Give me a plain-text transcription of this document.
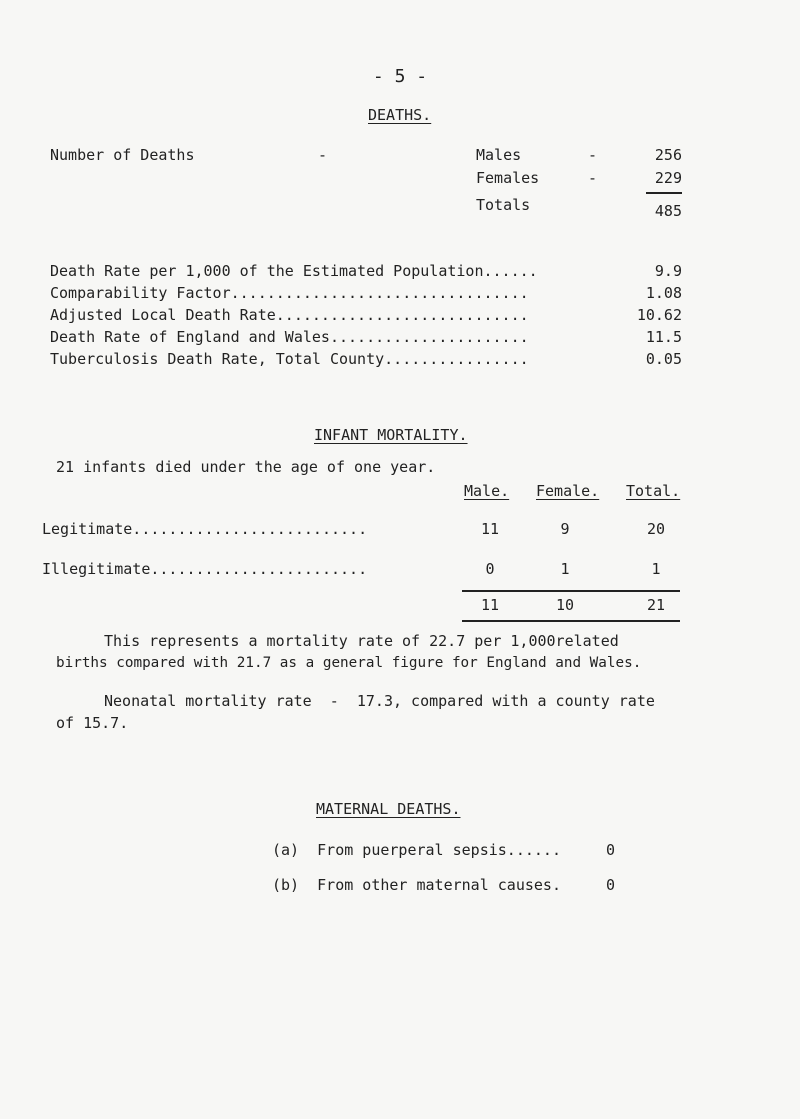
- 5 -
DEATHS.
Number of Deaths	-	Males	-	256
Females	-	229
Totals	485
Death Rate per 1,000 of the Estimated Population......	9.9
Comparability Factor.................................	1.08
Adjusted Local Death Rate............................	10.62
Death Rate of England and Wales......................	11.5
Tuberculosis Death Rate, Total County................	0.05
INFANT MORTALITY.
21 infants died under the age of one year.
Male. Female. Total.
Legitimate..........................	11	9	20
Illegitimate........................	0	1	1
11	10	21
This represents a mortality rate of 22.7 per 1,000related
births compared with 21.7 as a general figure for England and Wales.
Neonatal mortality rate  -  17.3, compared with a county rate
of 15.7.
MATERNAL DEATHS.
(a)  From puerperal sepsis......	0
(b)  From other maternal causes.	0
